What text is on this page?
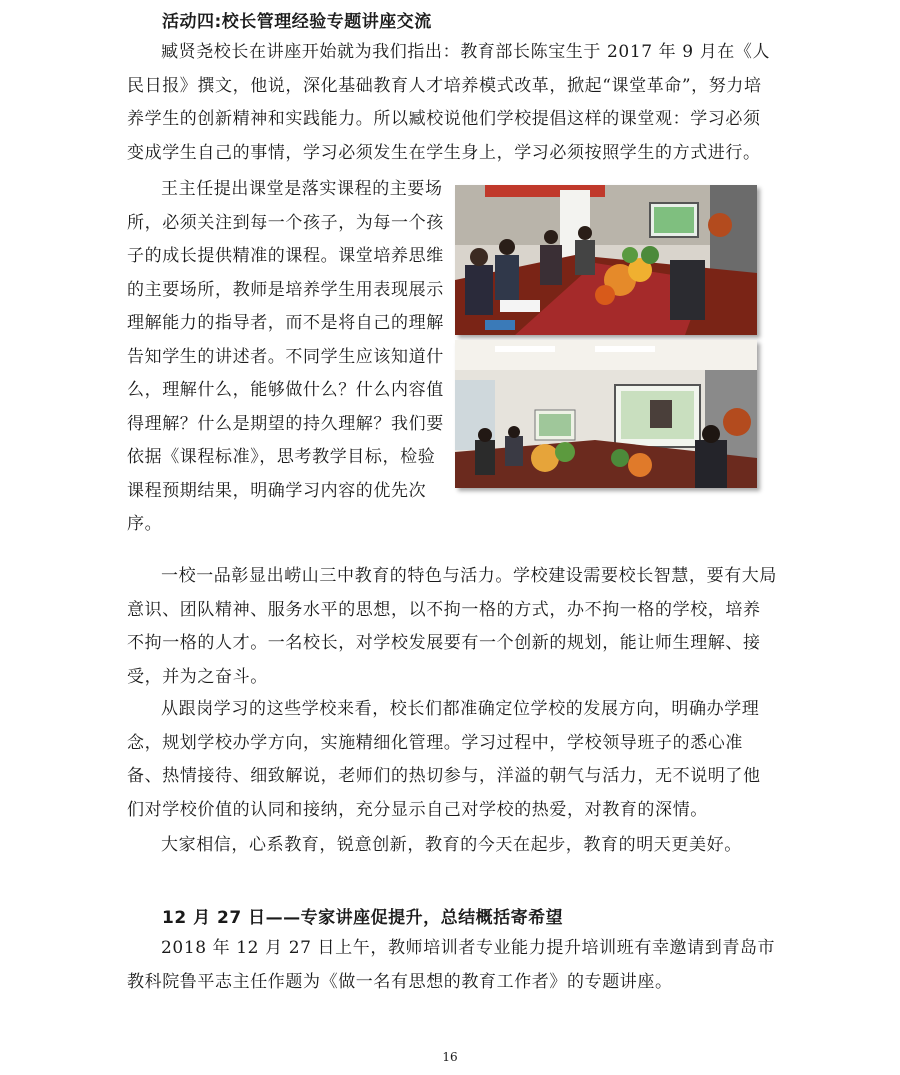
活动四:校长管理经验专题讲座交流
臧贤尧校长在讲座开始就为我们指出：教育部长陈宝生于 2017 年 9 月在《人民日报》撰文，他说，深化基础教育人才培养模式改革，掀起“课堂革命”，努力培养学生的创新精神和实践能力。所以臧校说他们学校提倡这样的课堂观：学习必须变成学生自己的事情，学习必须发生在学生身上，学习必须按照学生的方式进行。
王主任提出课堂是落实课程的主要场所，必须关注到每一个孩子，为每一个孩子的成长提供精准的课程。课堂培养思维的主要场所，教师是培养学生用表现展示理解能力的指导者，而不是将自己的理解告知学生的讲述者。不同学生应该知道什么，理解什么，能够做什么？什么内容值得理解？什么是期望的持久理解？我们要依据《课程标准》，思考教学目标，检验课程预期结果，明确学习内容的优先次序。
一校一品彰显出崂山三中教育的特色与活力。学校建设需要校长智慧，要有大局意识、团队精神、服务水平的思想，以不拘一格的方式，办不拘一格的学校，培养不拘一格的人才。一名校长，对学校发展要有一个创新的规划，能让师生理解、接受，并为之奋斗。
从跟岗学习的这些学校来看，校长们都准确定位学校的发展方向，明确办学理念，规划学校办学方向，实施精细化管理。学习过程中，学校领导班子的悉心准备、热情接待、细致解说，老师们的热切参与，洋溢的朝气与活力，无不说明了他们对学校价值的认同和接纳，充分显示自己对学校的热爱，对教育的深情。
大家相信，心系教育，锐意创新，教育的今天在起步，教育的明天更美好。
12 月 27 日——专家讲座促提升，总结概括寄希望
2018 年 12 月 27 日上午，教师培训者专业能力提升培训班有幸邀请到青岛市教科院鲁平志主任作题为《做一名有思想的教育工作者》的专题讲座。
16
